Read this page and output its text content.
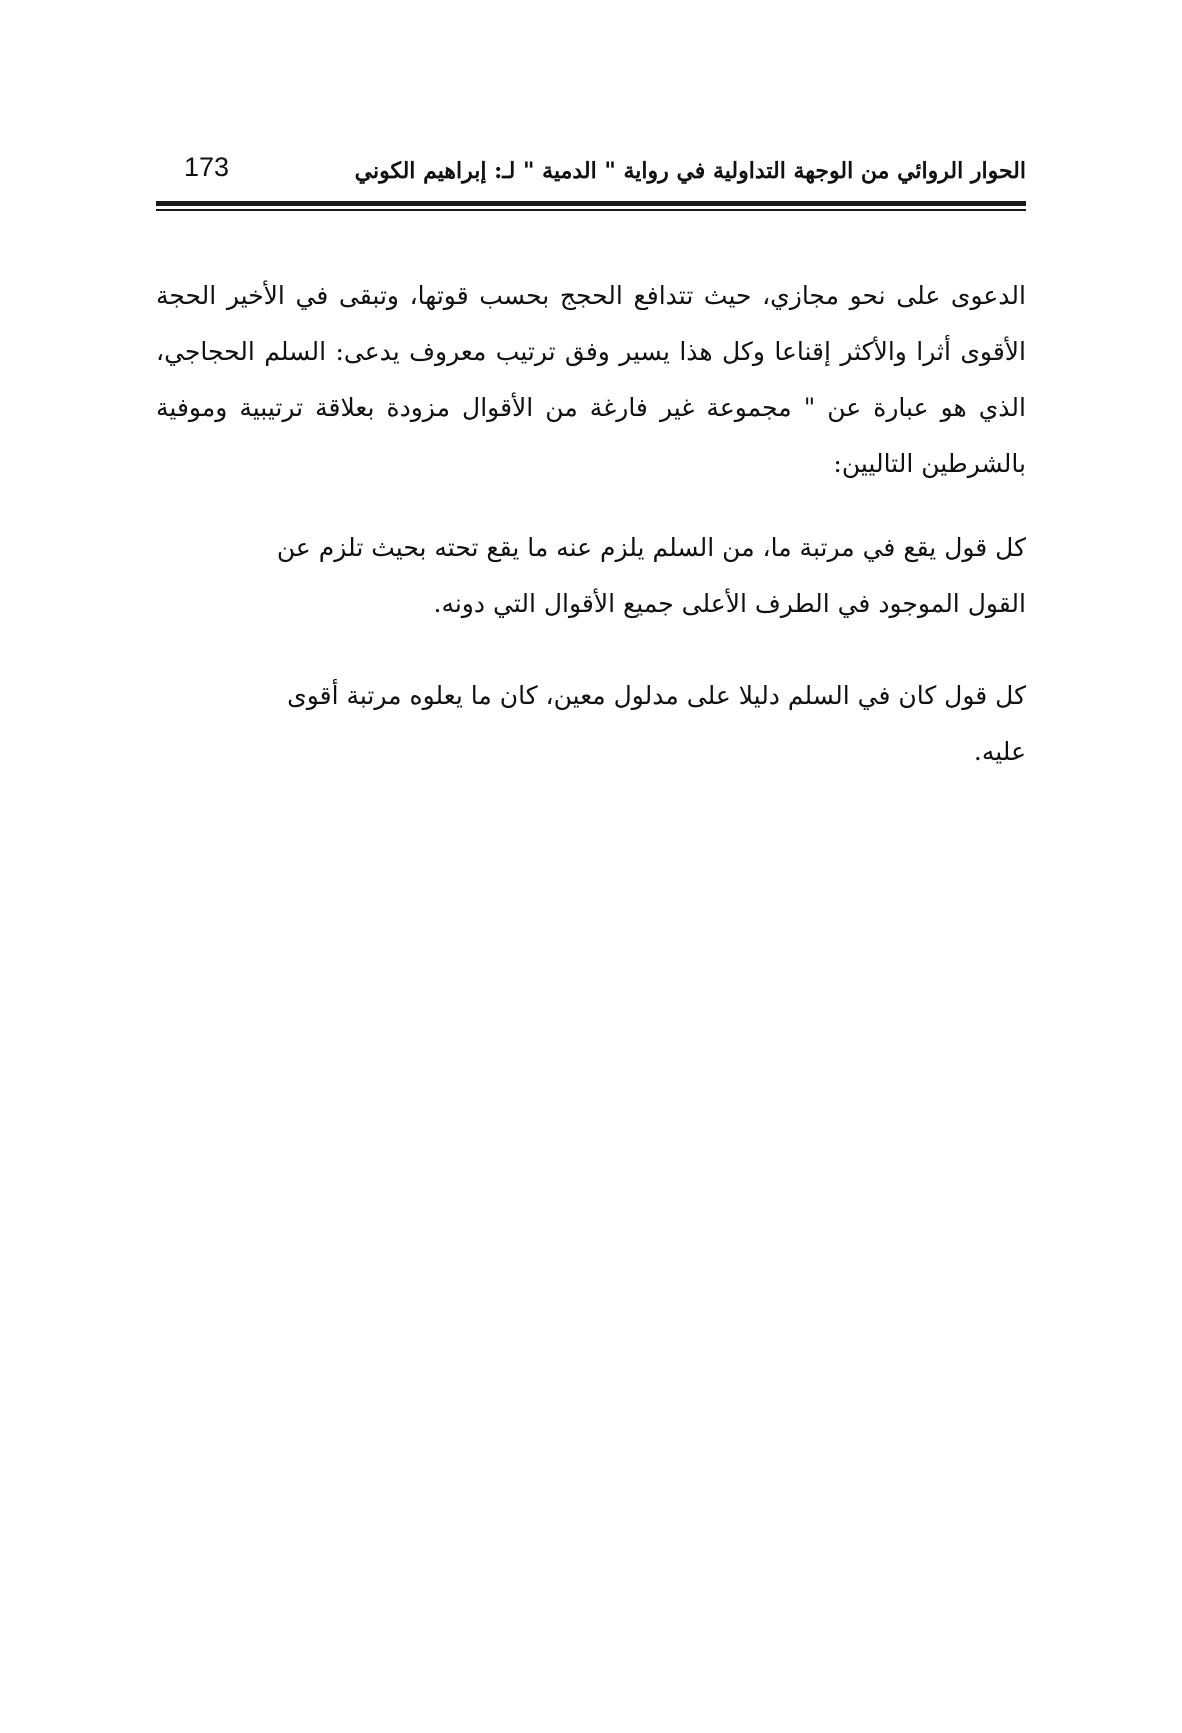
الحوار الروائي من الوجهة التداولية في رواية " الدمية " لـ: إبراهيم الكوني
173

الدعوى على نحو مجازي، حيث تتدافع الحجج بحسب قوتها، وتبقى في الأخير الحجة الأقوى أثرا والأكثر إقناعا وكل هذا يسير وفق ترتيب معروف يدعى: السلم الحجاجي، الذي هو عبارة عن " مجموعة غير فارغة من الأقوال مزودة بعلاقة ترتيبية وموفية بالشرطين التاليين:

كل قول يقع في مرتبة ما، من السلم يلزم عنه ما يقع تحته بحيث تلزم عن

القول الموجود في الطرف الأعلى جميع الأقوال التي دونه.

كل قول كان في السلم دليلا على مدلول معين، كان ما يعلوه مرتبة أقوى

عليه.
